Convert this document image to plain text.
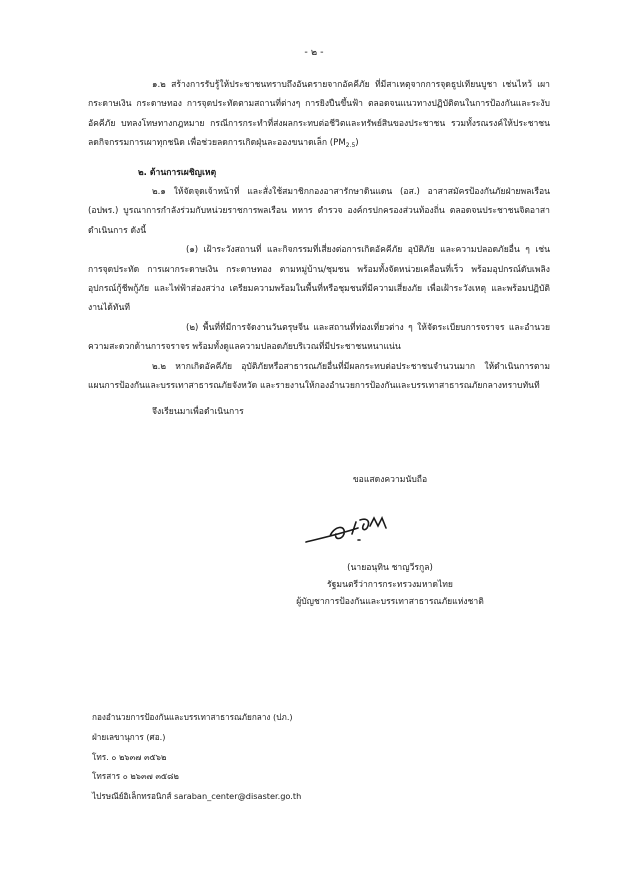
- ๒ -

๑.๒ สร้างการรับรู้ให้ประชาชนทราบถึงอันตรายจากอัคคีภัย ที่มีสาเหตุจากการจุดธูปเทียนบูชา เช่นไหว้ เผากระดาษเงิน กระดาษทอง การจุดประทัดตามสถานที่ต่างๆ การยิงปืนขึ้นฟ้า ตลอดจนแนวทางปฏิบัติตนในการป้องกันและระงับอัคคีภัย บทลงโทษทางกฎหมาย กรณีการกระทำที่ส่งผลกระทบต่อชีวิตและทรัพย์สินของประชาชน รวมทั้งรณรงค์ให้ประชาชนลดกิจกรรมการเผาทุกชนิด เพื่อช่วยลดการเกิดฝุ่นละอองขนาดเล็ก $(PM_{2.5})$

๒. ด้านการเผชิญเหตุ

๒.๑ ให้จัดจุดเจ้าหน้าที่ และสั่งใช้สมาชิกกองอาสารักษาดินแดน (อส.) อาสาสมัครป้องกันภัยฝ่ายพลเรือน (อปพร.) บูรณาการกำลังร่วมกับหน่วยราชการพลเรือน ทหาร ตำรวจ องค์กรปกครองส่วนท้องถิ่น ตลอดจนประชาชนจิตอาสา ดำเนินการ ดังนี้

(๑) เฝ้าระวังสถานที่ และกิจกรรมที่เสี่ยงต่อการเกิดอัคคีภัย อุบัติภัย และความปลอดภัยอื่น ๆ เช่น การจุดประทัด การเผากระดาษเงิน กระดาษทอง ตามหมู่บ้าน/ชุมชน พร้อมทั้งจัดหน่วยเคลื่อนที่เร็ว พร้อมอุปกรณ์ดับเพลิง อุปกรณ์กู้ชีพกู้ภัย และไฟฟ้าส่องสว่าง เตรียมความพร้อมในพื้นที่หรือชุมชนที่มีความเสี่ยงภัย เพื่อเฝ้าระวังเหตุ และพร้อมปฏิบัติงานได้ทันที

(๒) พื้นที่ที่มีการจัดงานวันตรุษจีน และสถานที่ท่องเที่ยวต่าง ๆ ให้จัดระเบียบการจราจร และอำนวยความสะดวกด้านการจราจร พร้อมทั้งดูแลความปลอดภัยบริเวณที่มีประชาชนหนาแน่น

๒.๒ หากเกิดอัคคีภัย อุบัติภัยหรือสาธารณภัยอื่นที่มีผลกระทบต่อประชาชนจำนวนมาก ให้ดำเนินการตามแผนการป้องกันและบรรเทาสาธารณภัยจังหวัด และรายงานให้กองอำนวยการป้องกันและบรรเทาสาธารณภัยกลางทราบทันที

จึงเรียนมาเพื่อดำเนินการ

ขอแสดงความนับถือ
(นายอนุทิน ชาญวีรกูล)
รัฐมนตรีว่าการกระทรวงมหาดไทย
ผู้บัญชาการป้องกันและบรรเทาสาธารณภัยแห่งชาติ
กองอำนวยการป้องกันและบรรเทาสาธารณภัยกลาง (ปภ.)
ฝ่ายเลขานุการ (ศอ.)
โทร. ๐ ๒๖๓๗ ๓๕๖๒
โทรสาร ๐ ๒๖๓๗ ๓๕๘๒
ไปรษณีย์อิเล็กทรอนิกส์ saraban_center@disaster.go.th
